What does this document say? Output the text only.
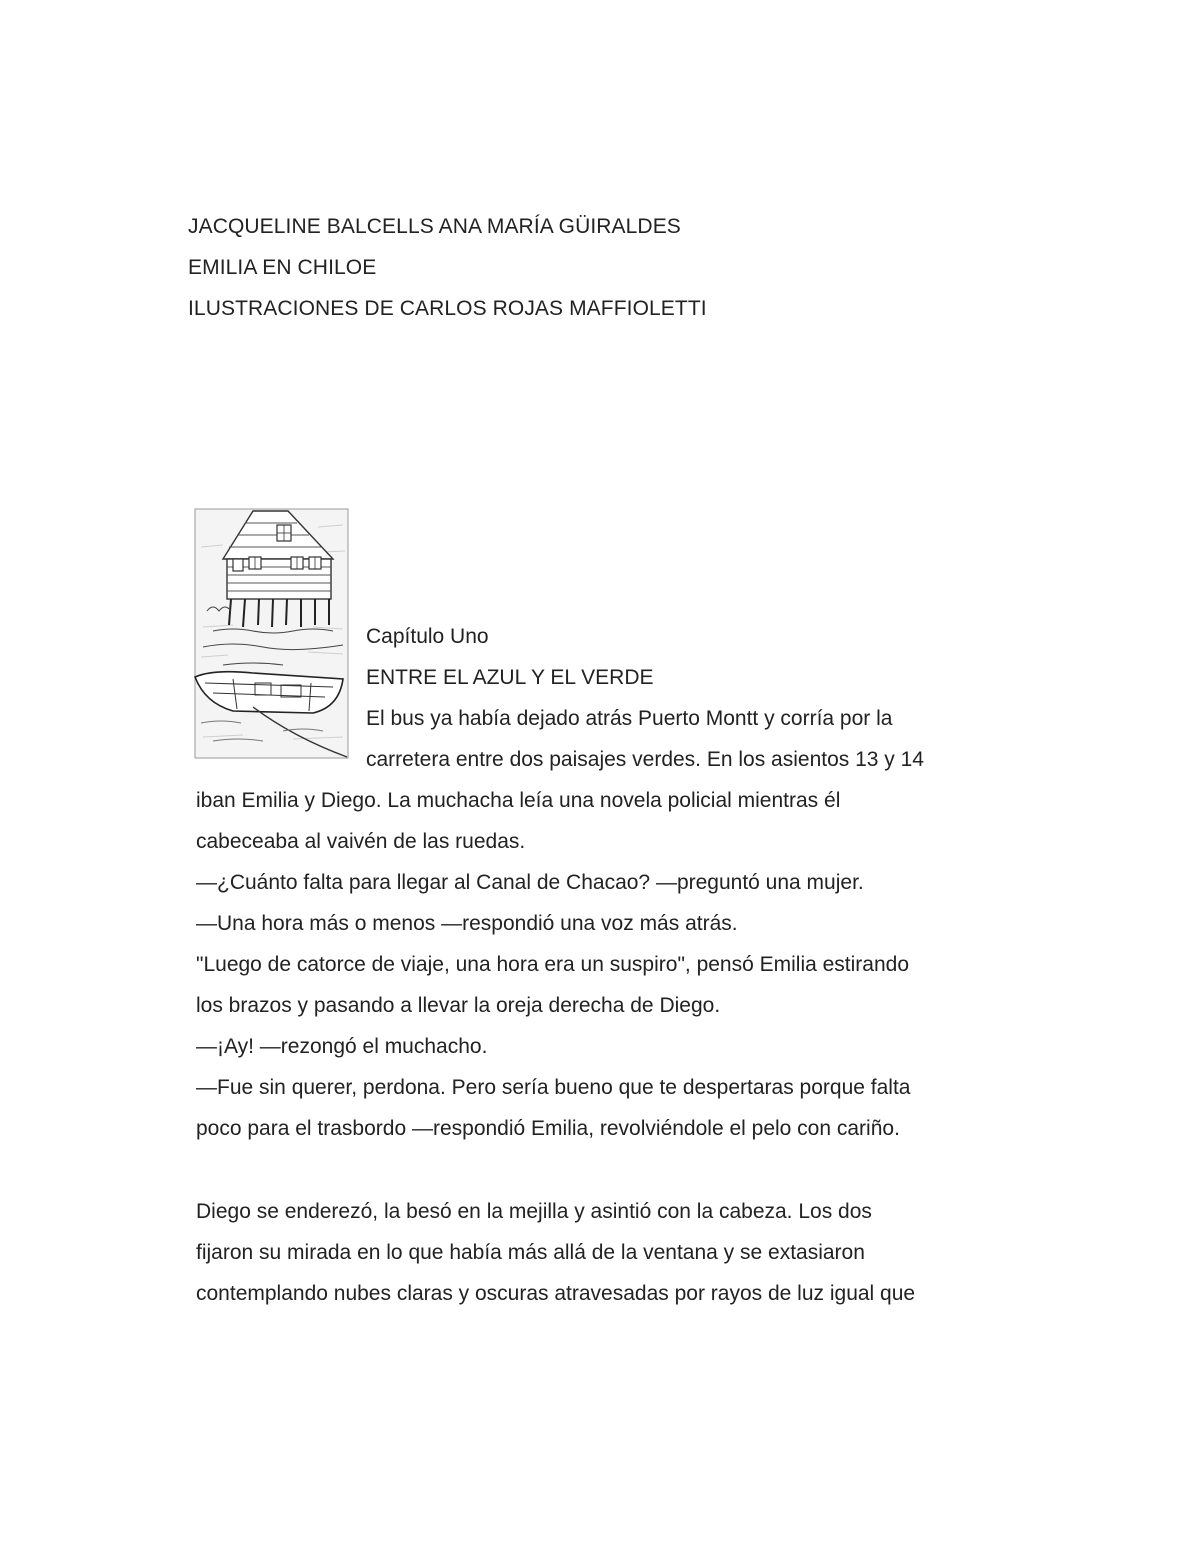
JACQUELINE BALCELLS ANA MARÍA GÜIRALDES
EMILIA EN CHILOE
ILUSTRACIONES DE CARLOS ROJAS MAFFIOLETTI
Capítulo Uno
ENTRE EL AZUL Y EL VERDE
El bus ya había dejado atrás Puerto Montt y corría por la
carretera entre dos paisajes verdes. En los asientos 13 y 14
iban Emilia y Diego. La muchacha leía una novela policial mientras él
cabeceaba al vaivén de las ruedas.
—¿Cuánto falta para llegar al Canal de Chacao? —preguntó una mujer.
—Una hora más o menos —respondió una voz más atrás.
"Luego de catorce de viaje, una hora era un suspiro", pensó Emilia estirando
los brazos y pasando a llevar la oreja derecha de Diego.
—¡Ay! —rezongó el muchacho.
—Fue sin querer, perdona. Pero sería bueno que te despertaras porque falta
poco para el trasbordo —respondió Emilia, revolviéndole el pelo con cariño.
Diego se enderezó, la besó en la mejilla y asintió con la cabeza. Los dos
fijaron su mirada en lo que había más allá de la ventana y se extasiaron
contemplando nubes claras y oscuras atravesadas por rayos de luz igual que
